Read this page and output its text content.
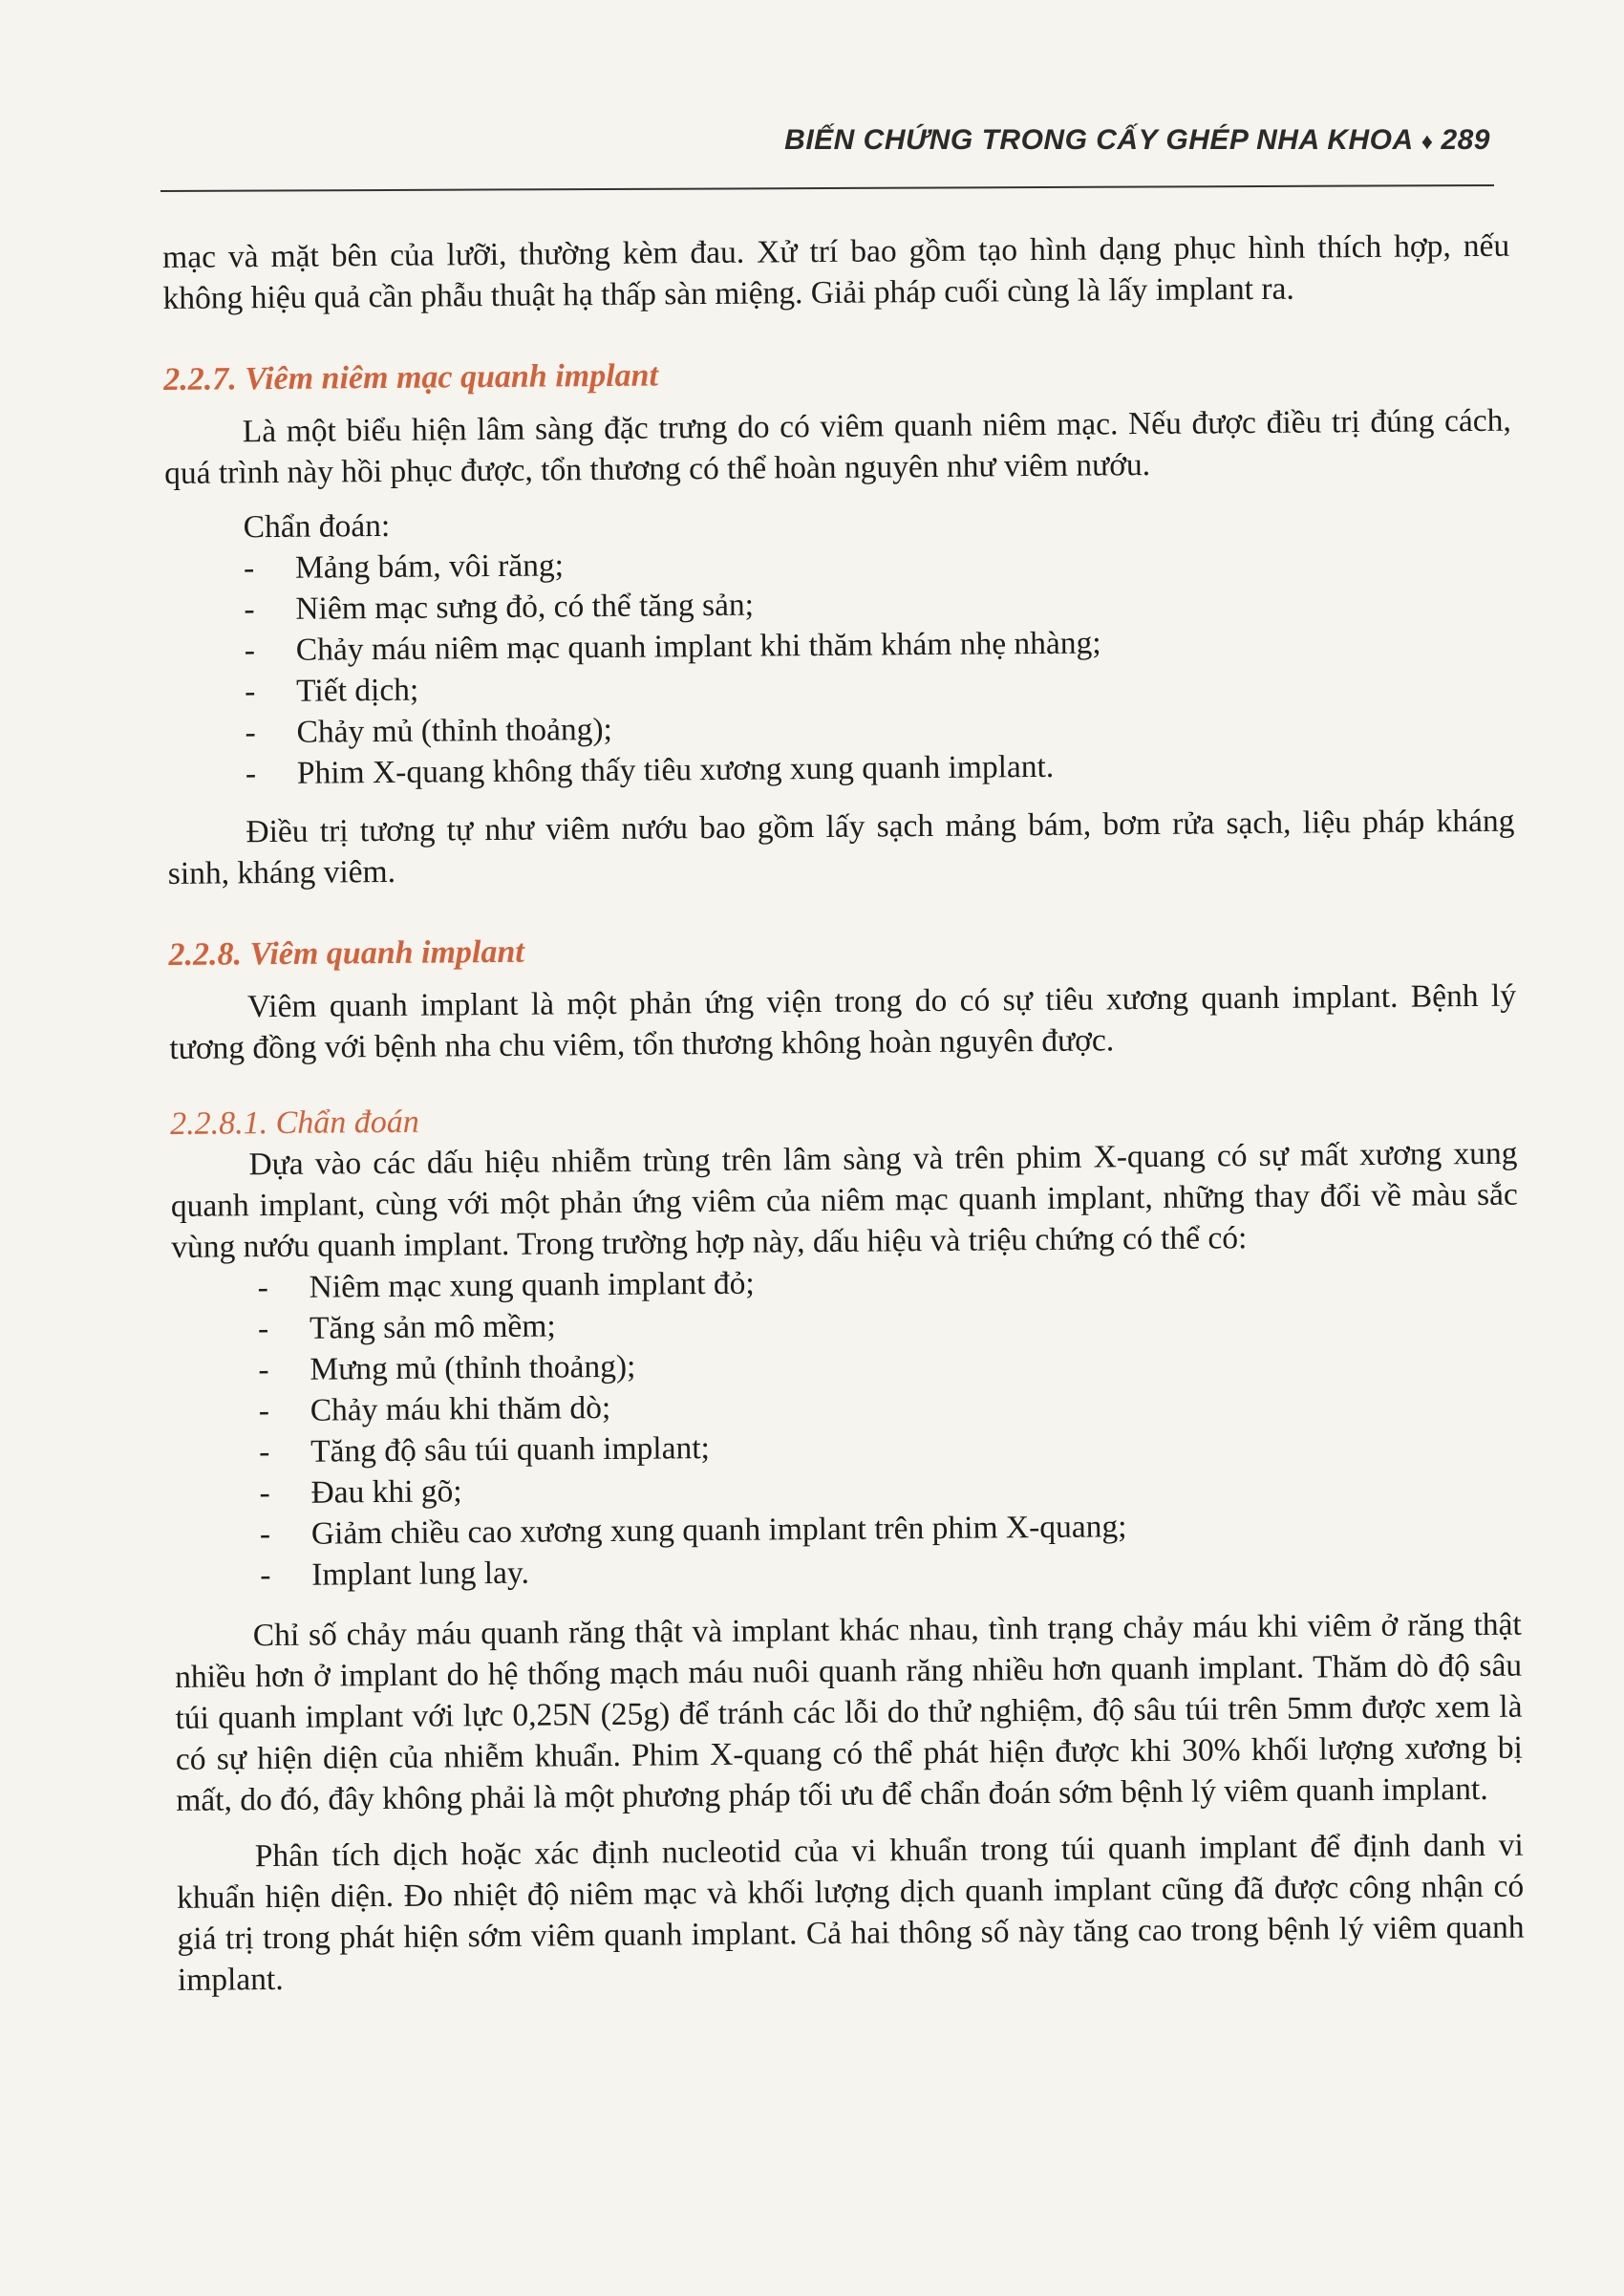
BIẾN CHỨNG TRONG CẤY GHÉP NHA KHOA ♦ 289

mạc và mặt bên của lưỡi, thường kèm đau. Xử trí bao gồm tạo hình dạng phục hình thích hợp, nếu không hiệu quả cần phẫu thuật hạ thấp sàn miệng. Giải pháp cuối cùng là lấy implant ra.

2.2.7. Viêm niêm mạc quanh implant

Là một biểu hiện lâm sàng đặc trưng do có viêm quanh niêm mạc. Nếu được điều trị đúng cách, quá trình này hồi phục được, tổn thương có thể hoàn nguyên như viêm nướu.

Chẩn đoán:

- Mảng bám, vôi răng;
- Niêm mạc sưng đỏ, có thể tăng sản;
- Chảy máu niêm mạc quanh implant khi thăm khám nhẹ nhàng;
- Tiết dịch;
- Chảy mủ (thỉnh thoảng);
- Phim X-quang không thấy tiêu xương xung quanh implant.

Điều trị tương tự như viêm nướu bao gồm lấy sạch mảng bám, bơm rửa sạch, liệu pháp kháng sinh, kháng viêm.

2.2.8. Viêm quanh implant

Viêm quanh implant là một phản ứng viện trong do có sự tiêu xương quanh implant. Bệnh lý tương đồng với bệnh nha chu viêm, tổn thương không hoàn nguyên được.

2.2.8.1. Chẩn đoán

Dựa vào các dấu hiệu nhiễm trùng trên lâm sàng và trên phim X-quang có sự mất xương xung quanh implant, cùng với một phản ứng viêm của niêm mạc quanh implant, những thay đổi về màu sắc vùng nướu quanh implant. Trong trường hợp này, dấu hiệu và triệu chứng có thể có:

- Niêm mạc xung quanh implant đỏ;
- Tăng sản mô mềm;
- Mưng mủ (thỉnh thoảng);
- Chảy máu khi thăm dò;
- Tăng độ sâu túi quanh implant;
- Đau khi gõ;
- Giảm chiều cao xương xung quanh implant trên phim X-quang;
- Implant lung lay.

Chỉ số chảy máu quanh răng thật và implant khác nhau, tình trạng chảy máu khi viêm ở răng thật nhiều hơn ở implant do hệ thống mạch máu nuôi quanh răng nhiều hơn quanh implant. Thăm dò độ sâu túi quanh implant với lực 0,25N (25g) để tránh các lỗi do thử nghiệm, độ sâu túi trên 5mm được xem là có sự hiện diện của nhiễm khuẩn. Phim X-quang có thể phát hiện được khi 30% khối lượng xương bị mất, do đó, đây không phải là một phương pháp tối ưu để chẩn đoán sớm bệnh lý viêm quanh implant.

Phân tích dịch hoặc xác định nucleotid của vi khuẩn trong túi quanh implant để định danh vi khuẩn hiện diện. Đo nhiệt độ niêm mạc và khối lượng dịch quanh implant cũng đã được công nhận có giá trị trong phát hiện sớm viêm quanh implant. Cả hai thông số này tăng cao trong bệnh lý viêm quanh implant.
